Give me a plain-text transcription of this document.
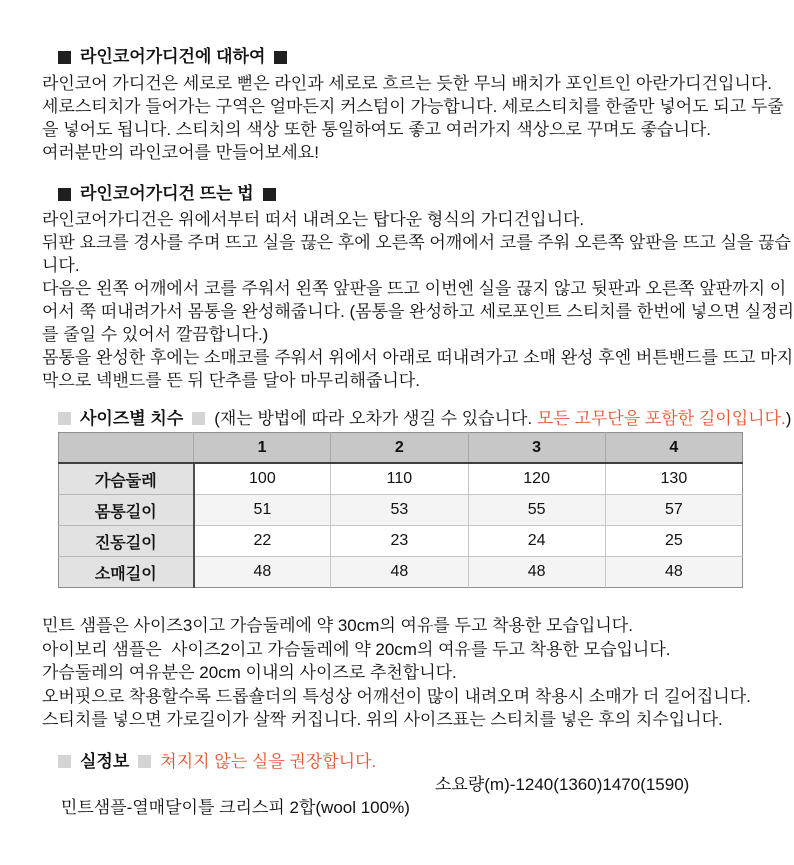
라인코어가디건에 대하여
라인코어 가디건은 세로로 뻗은 라인과 세로로 흐르는 듯한 무늬 배치가 포인트인 아란가디건입니다.
세로스티치가 들어가는 구역은 얼마든지 커스텀이 가능합니다. 세로스티치를 한줄만 넣어도 되고 두줄
을 넣어도 됩니다. 스티치의 색상 또한 통일하여도 좋고 여러가지 색상으로 꾸며도 좋습니다.
여러분만의 라인코어를 만들어보세요!
라인코어가디건 뜨는 법
라인코어가디건은 위에서부터 떠서 내려오는 탑다운 형식의 가디건입니다.
뒤판 요크를 경사를 주며 뜨고 실을 끊은 후에 오른쪽 어깨에서 코를 주워 오른쪽 앞판을 뜨고 실을 끊습
니다.
다음은 왼쪽 어깨에서 코를 주워서 왼쪽 앞판을 뜨고 이번엔 실을 끊지 않고 뒷판과 오른쪽 앞판까지 이
어서 쭉 떠내려가서 몸통을 완성해줍니다. (몸통을 완성하고 세로포인트 스티치를 한번에 넣으면 실정리
를 줄일 수 있어서 깔끔합니다.)
몸통을 완성한 후에는 소매코를 주워서 위에서 아래로 떠내려가고 소매 완성 후엔 버튼밴드를 뜨고 마지
막으로 넥밴드를 뜬 뒤 단추를 달아 마무리해줍니다.
사이즈별 치수 (재는 방법에 따라 오차가 생길 수 있습니다. 모든 고무단을 포함한 길이입니다.)
	1	2	3	4
가슴둘레	100	110	120	130
몸통길이	51	53	55	57
진동길이	22	23	24	25
소매길이	48	48	48	48
민트 샘플은 사이즈3이고 가슴둘레에 약 30cm의 여유를 두고 착용한 모습입니다.
아이보리 샘플은  사이즈2이고 가슴둘레에 약 20cm의 여유를 두고 착용한 모습입니다.
가슴둘레의 여유분은 20cm 이내의 사이즈로 추천합니다.
오버핏으로 착용할수록 드롭숄더의 특성상 어깨선이 많이 내려오며 착용시 소매가 더 길어집니다.
스티치를 넣으면 가로길이가 살짝 커집니다. 위의 사이즈표는 스티치를 넣은 후의 치수입니다.
실정보 쳐지지 않는 실을 권장합니다.

민트샘플-열매달이틀 크리스피 2합(wool 100%)

소요량(m)-1240(1360)1470(1590)
